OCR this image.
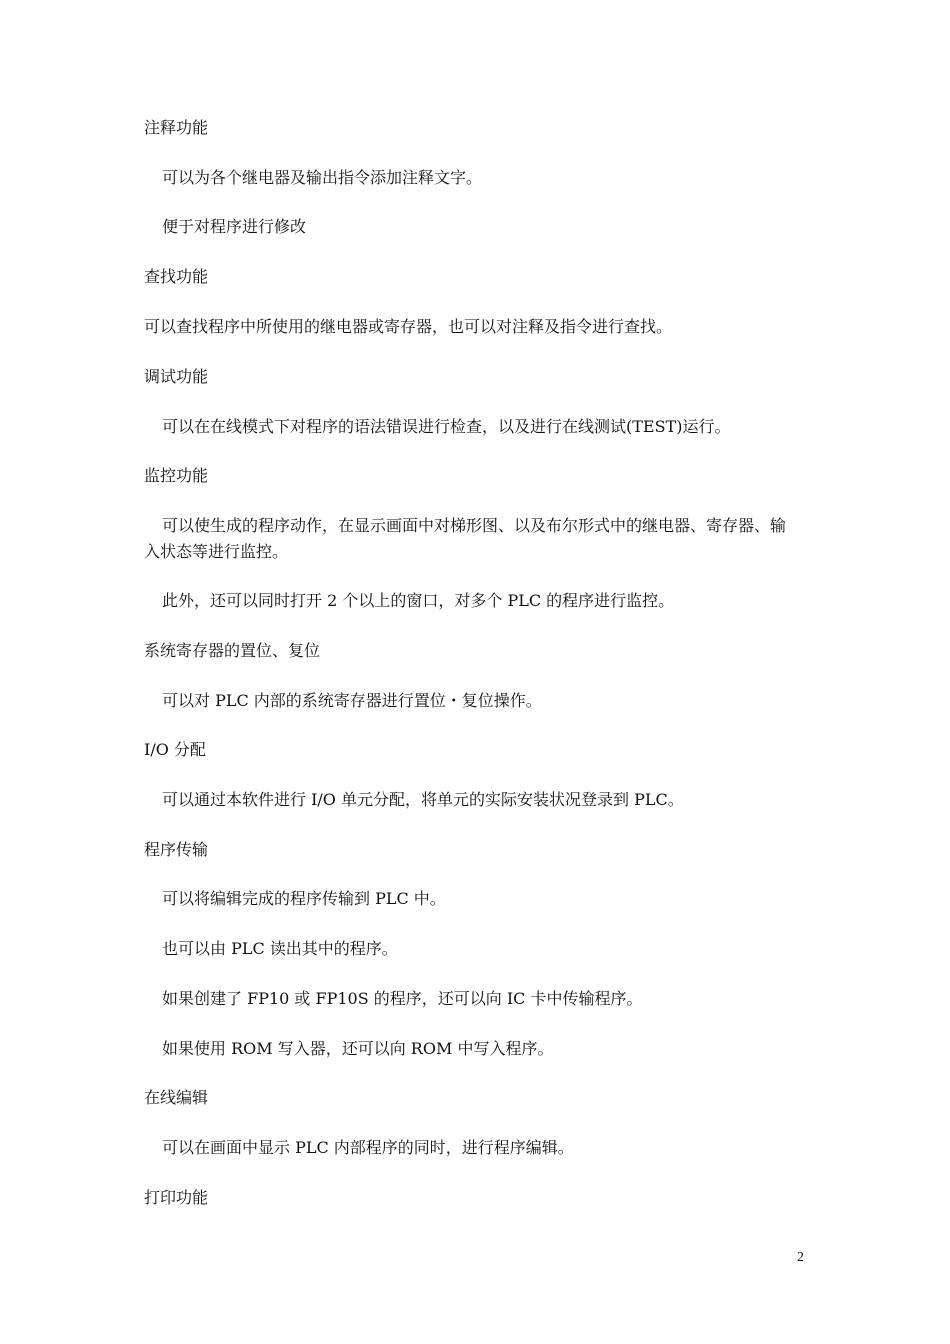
注释功能
可以为各个继电器及输出指令添加注释文字。
便于对程序进行修改
查找功能
可以查找程序中所使用的继电器或寄存器，也可以对注释及指令进行查找。
调试功能
可以在在线模式下对程序的语法错误进行检查，以及进行在线测试(TEST)运行。
监控功能
可以使生成的程序动作，在显示画面中对梯形图、以及布尔形式中的继电器、寄存器、输
入状态等进行监控。
此外，还可以同时打开 2 个以上的窗口，对多个 PLC 的程序进行监控。
系统寄存器的置位、复位
可以对 PLC 内部的系统寄存器进行置位・复位操作。
I/O 分配
可以通过本软件进行 I/O 单元分配，将单元的实际安装状况登录到 PLC。
程序传输
可以将编辑完成的程序传输到 PLC 中。
也可以由 PLC 读出其中的程序。
如果创建了 FP10 或 FP10S 的程序，还可以向 IC 卡中传输程序。
如果使用 ROM 写入器，还可以向 ROM 中写入程序。
在线编辑
可以在画面中显示 PLC 内部程序的同时，进行程序编辑。
打印功能
2
